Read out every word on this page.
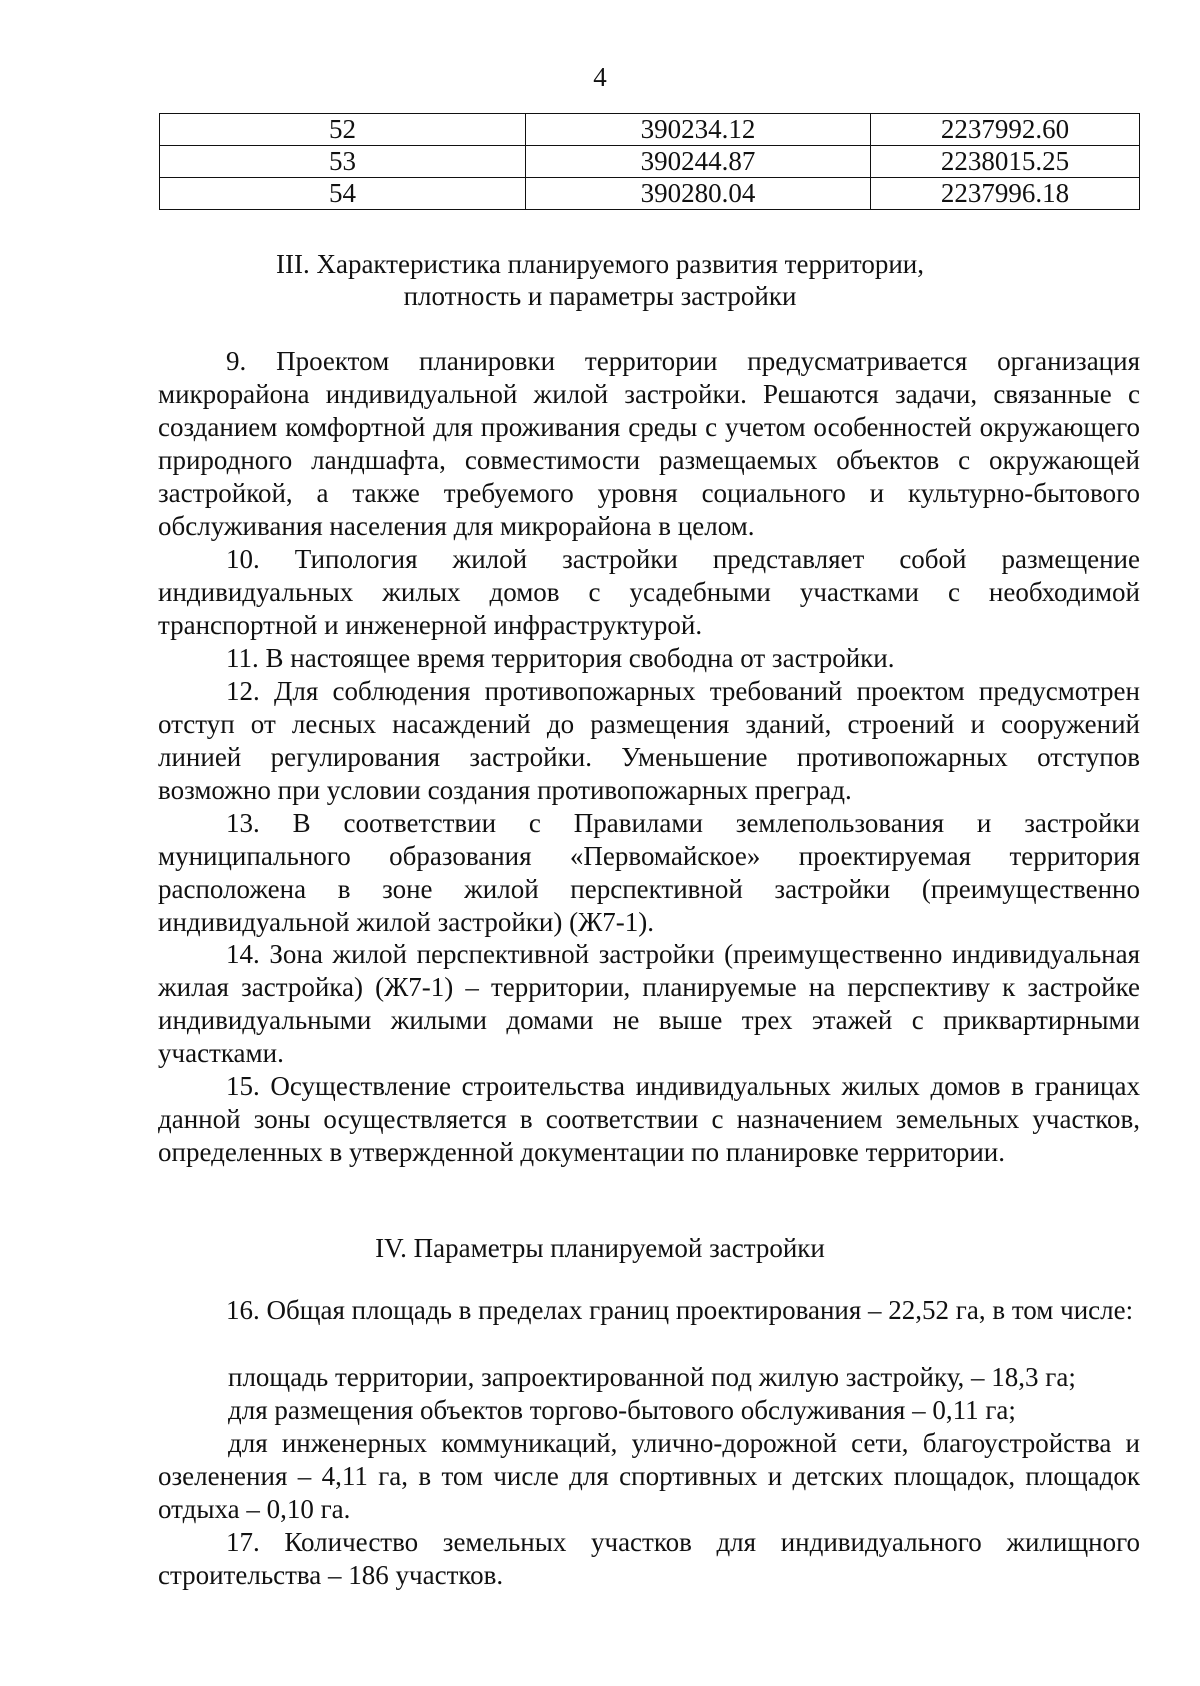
4
52	390234.12	2237992.60
53	390244.87	2238015.25
54	390280.04	2237996.18
III. Характеристика планируемого развития территории,
плотность и параметры застройки

9. Проектом планировки территории предусматривается организация микрорайона индивидуальной жилой застройки. Решаются задачи, связанные с созданием комфортной для проживания среды с учетом особенностей окружающего природного ландшафта, совместимости размещаемых объектов с окружающей застройкой, а также требуемого уровня социального и культурно-бытового обслуживания населения для микрорайона в целом.

10. Типология жилой застройки представляет собой размещение индивидуальных жилых домов с усадебными участками с необходимой транспортной и инженерной инфраструктурой.

11. В настоящее время территория свободна от застройки.

12. Для соблюдения противопожарных требований проектом предусмотрен отступ от лесных насаждений до размещения зданий, строений и сооружений линией регулирования застройки. Уменьшение противопожарных отступов возможно при условии создания противопожарных преград.

13. В соответствии с Правилами землепользования и застройки муниципального образования «Первомайское» проектируемая территория расположена в зоне жилой перспективной застройки (преимущественно индивидуальной жилой застройки) (Ж7-1).

14. Зона жилой перспективной застройки (преимущественно индивидуальная жилая застройка) (Ж7-1) – территории, планируемые на перспективу к застройке индивидуальными жилыми домами не выше трех этажей с приквартирными участками.

15. Осуществление строительства индивидуальных жилых домов в границах данной зоны осуществляется в соответствии с назначением земельных участков, определенных в утвержденной документации по планировке территории.

IV. Параметры планируемой застройки

16. Общая площадь в пределах границ проектирования – 22,52 га, в том числе:

площадь территории, запроектированной под жилую застройку, – 18,3 га;

для размещения объектов торгово-бытового обслуживания – 0,11 га;

для инженерных коммуникаций, улично-дорожной сети, благоустройства и озеленения – 4,11 га, в том числе для спортивных и детских площадок, площадок отдыха – 0,10 га.

17. Количество земельных участков для индивидуального жилищного строительства – 186 участков.
